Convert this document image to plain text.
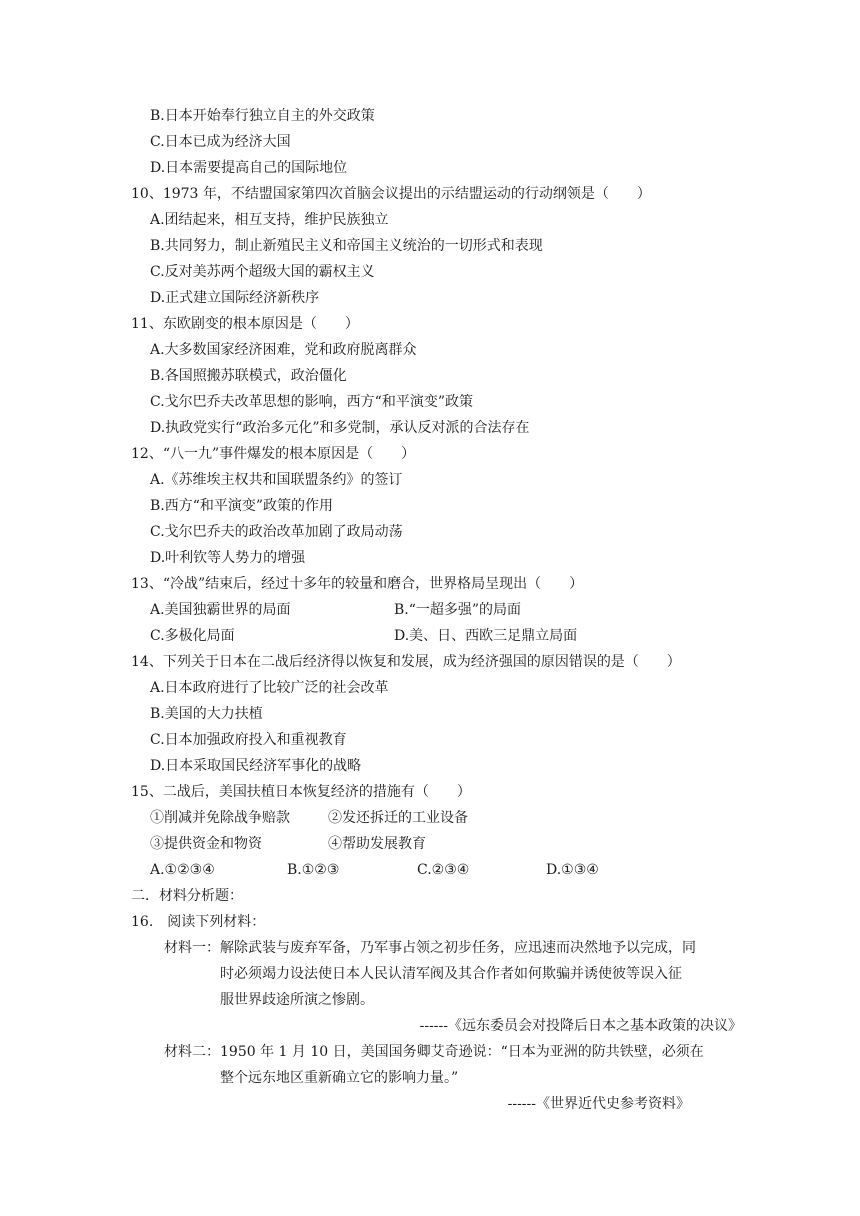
B.日本开始奉行独立自主的外交政策
C.日本已成为经济大国
D.日本需要提高自己的国际地位
10、1973 年，不结盟国家第四次首脑会议提出的示结盟运动的行动纲领是（　　）
A.团结起来，相互支持，维护民族独立
B.共同努力，制止新殖民主义和帝国主义统治的一切形式和表现
C.反对美苏两个超级大国的霸权主义
D.正式建立国际经济新秩序
11、东欧剧变的根本原因是（　　）
A.大多数国家经济困难，党和政府脱离群众
B.各国照搬苏联模式，政治僵化
C.戈尔巴乔夫改革思想的影响，西方“和平演变”政策
D.执政党实行“政治多元化”和多党制，承认反对派的合法存在
12、“八一九”事件爆发的根本原因是（　　）
A.《苏维埃主权共和国联盟条约》的签订
B.西方“和平演变”政策的作用
C.戈尔巴乔夫的政治改革加剧了政局动荡
D.叶利钦等人势力的增强
13、“冷战”结束后，经过十多年的较量和磨合，世界格局呈现出（　　）
A.美国独霸世界的局面	B.“一超多强”的局面
C.多极化局面	D.美、日、西欧三足鼎立局面
14、下列关于日本在二战后经济得以恢复和发展，成为经济强国的原因错误的是（　　）
A.日本政府进行了比较广泛的社会改革
B.美国的大力扶植
C.日本加强政府投入和重视教育
D.日本采取国民经济军事化的战略
15、二战后，美国扶植日本恢复经济的措施有（　　）
①削减并免除战争赔款	②发还拆迁的工业设备
③提供资金和物资	④帮助发展教育
A.①②③④	B.①②③	C.②③④	D.①③④
二．材料分析题：
16.　阅读下列材料：
材料一：解除武装与废弃军备，乃军事占领之初步任务，应迅速而决然地予以完成，同
时必须竭力设法使日本人民认清军阀及其合作者如何欺骗并诱使彼等误入征
服世界歧途所演之惨剧。
------《远东委员会对投降后日本之基本政策的决议》
材料二：1950 年 1 月 10 日，美国国务卿艾奇逊说：“日本为亚洲的防共铁壁，必须在
整个远东地区重新确立它的影响力量。”
------《世界近代史参考资料》
